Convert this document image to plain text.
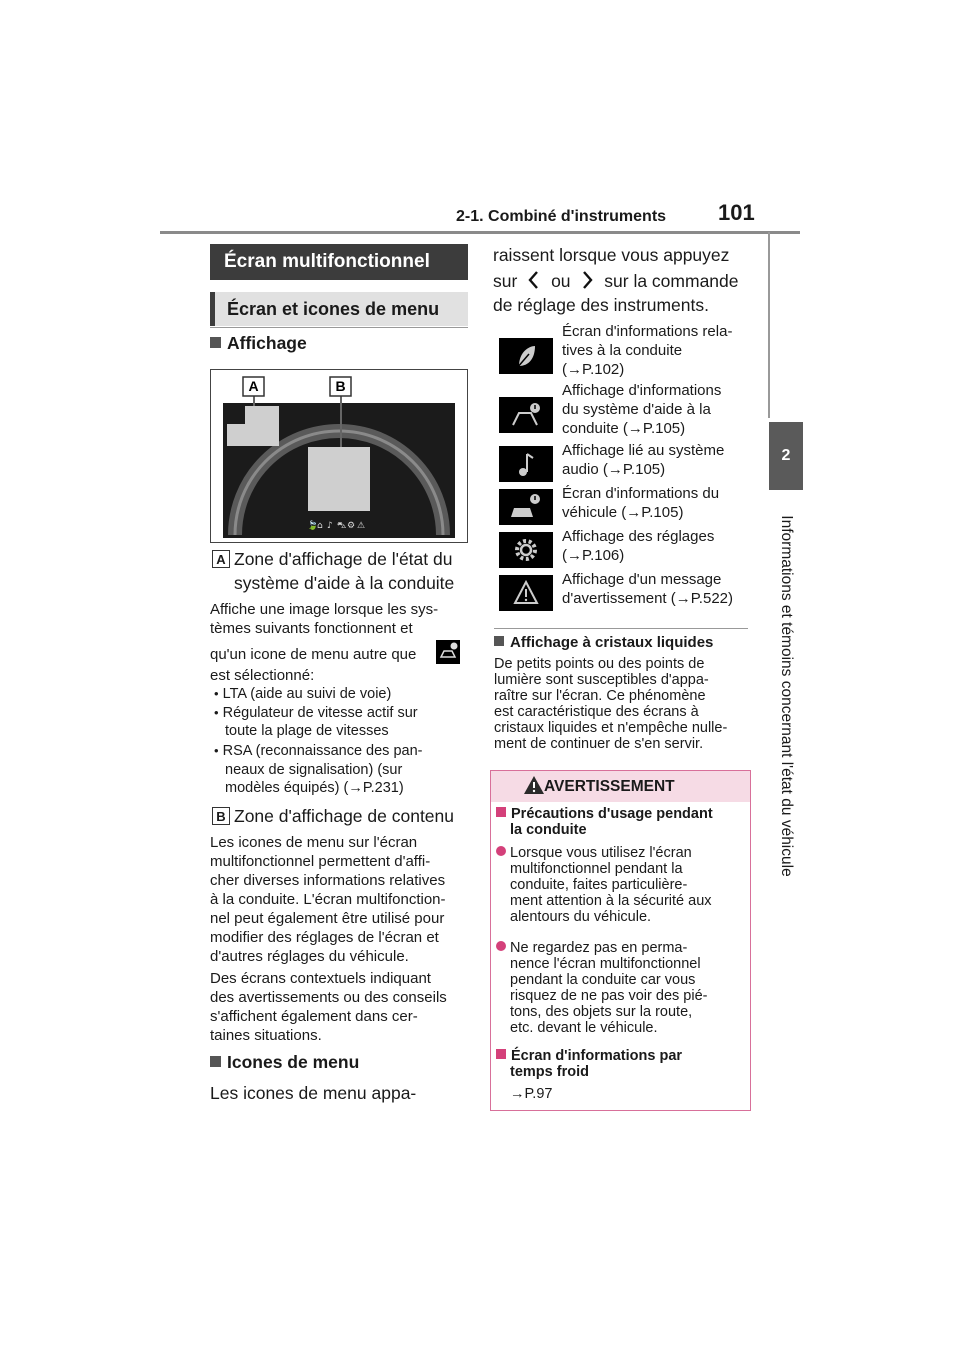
2-1. Combiné d'instruments 101
2
Informations et témoins concernant l'état du véhicule
Écran multifonctionnel
Écran et icones de menu
Affichage
A	B
🍃
⌂ ♪ ⛍ ⚙ ⚠
A Zone d'affichage de l'état du système d'aide à la conduite
Affiche une image lorsque les sys-
tèmes suivants fonctionnent et
qu'un icone de menu autre que
est sélectionné:
• LTA (aide au suivi de voie)
• Régulateur de vitesse actif sur
toute la plage de vitesses
• RSA (reconnaissance des pan-
neaux de signalisation) (sur
modèles équipés) (→P.231)
B Zone d'affichage de contenu
Les icones de menu sur l'écran
multifonctionnel permettent d'affi-
cher diverses informations relatives
à la conduite. L'écran multifonction-
nel peut également être utilisé pour
modifier des réglages de l'écran et
d'autres réglages du véhicule.
Des écrans contextuels indiquant
des avertissements ou des conseils
s'affichent également dans cer-
taines situations.
Icones de menu
Les icones de menu appa-
raissent lorsque vous appuyez
sur ou sur la commande
de réglage des instruments.
Écran d'informations rela-
tives à la conduite
(→P.102)
Affichage d'informations
du système d'aide à la
conduite (→P.105)
Affichage lié au système
audio (→P.105)
Écran d'informations du
véhicule (→P.105)
Affichage des réglages
(→P.106)
Affichage d'un message
d'avertissement (→P.522)
Affichage à cristaux liquides
De petits points ou des points de
lumière sont susceptibles d'appa-
raître sur l'écran. Ce phénomène
est caractéristique des écrans à
cristaux liquides et n'empêche nulle-
ment de continuer de s'en servir.
AVERTISSEMENT
Précautions d'usage pendant
la conduite
Lorsque vous utilisez l'écran
multifonctionnel pendant la
conduite, faites particulière-
ment attention à la sécurité aux
alentours du véhicule.
Ne regardez pas en perma-
nence l'écran multifonctionnel
pendant la conduite car vous
risquez de ne pas voir des pié-
tons, des objets sur la route,
etc. devant le véhicule.
Écran d'informations par
temps froid
→P.97
